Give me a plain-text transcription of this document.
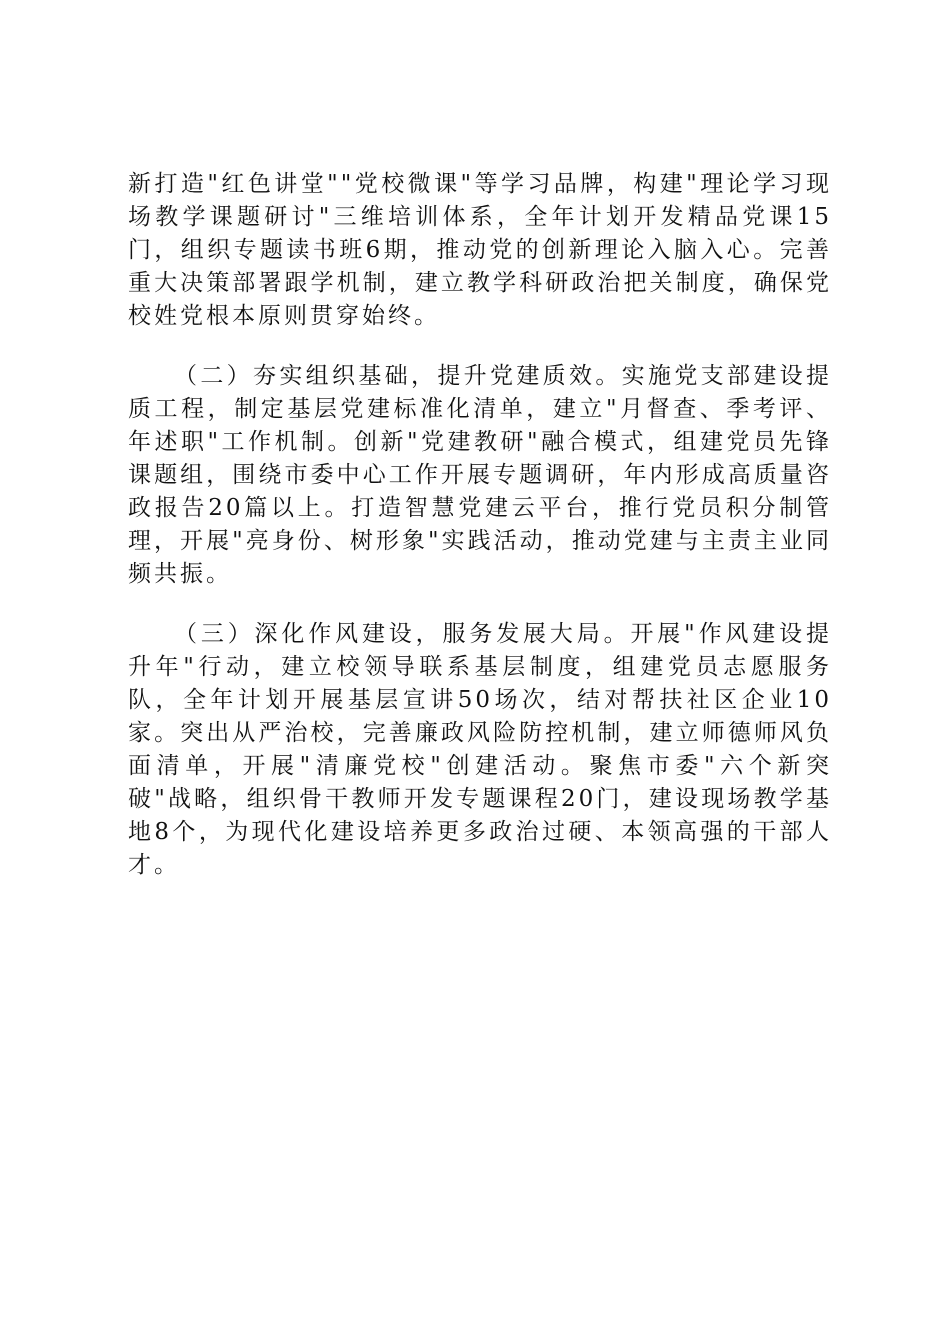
新打造"红色讲堂""党校微课"等学习品牌，构建"理论学习现场教学课题研讨"三维培训体系，全年计划开发精品党课15门，组织专题读书班6期，推动党的创新理论入脑入心。完善重大决策部署跟学机制，建立教学科研政治把关制度，确保党校姓党根本原则贯穿始终。

（二）夯实组织基础，提升党建质效。实施党支部建设提质工程，制定基层党建标准化清单，建立"月督查、季考评、年述职"工作机制。创新"党建教研"融合模式，组建党员先锋课题组，围绕市委中心工作开展专题调研，年内形成高质量咨政报告20篇以上。打造智慧党建云平台，推行党员积分制管理，开展"亮身份、树形象"实践活动，推动党建与主责主业同频共振。

（三）深化作风建设，服务发展大局。开展"作风建设提升年"行动，建立校领导联系基层制度，组建党员志愿服务队，全年计划开展基层宣讲50场次，结对帮扶社区企业10家。突出从严治校，完善廉政风险防控机制，建立师德师风负面清单，开展"清廉党校"创建活动。聚焦市委"六个新突破"战略，组织骨干教师开发专题课程20门，建设现场教学基地8个，为现代化建设培养更多政治过硬、本领高强的干部人才。
